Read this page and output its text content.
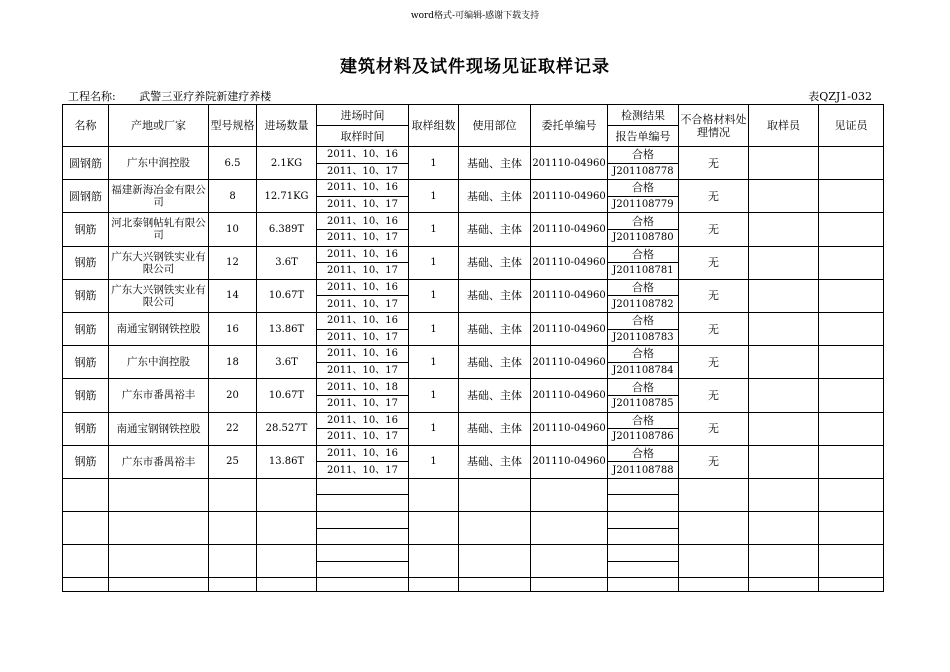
word格式-可编辑-感谢下载支持
建筑材料及试件现场见证取样记录
工程名称: 武警三亚疗养院新建疗养楼	表QZJ1-032
名称	产地或厂家	型号规格	进场数量	进场时间	取样组数	使用部位	委托单编号	检测结果	不合格材料处理情况	取样员	见证员
				取样时间				报告单编号			
圆钢筋	广东中润控股	6.5	2.1KG	2011、10、16	1	基础、主体	201110-04960	合格	无		
				2011、10、17				J201108778			
圆钢筋	福建新海冶金有限公司	8	12.71KG	2011、10、16	1	基础、主体	201110-04960	合格	无		
				2011、10、17				J201108779			
钢筋	河北泰钢帖轧有限公司	10	6.389T	2011、10、16	1	基础、主体	201110-04960	合格	无		
				2011、10、17				J201108780			
钢筋	广东大兴钢铁实业有限公司	12	3.6T	2011、10、16	1	基础、主体	201110-04960	合格	无		
				2011、10、17				J201108781			
钢筋	广东大兴钢铁实业有限公司	14	10.67T	2011、10、16	1	基础、主体	201110-04960	合格	无		
				2011、10、17				J201108782			
钢筋	南通宝钢钢铁控股	16	13.86T	2011、10、16	1	基础、主体	201110-04960	合格	无		
				2011、10、17				J201108783			
钢筋	广东中润控股	18	3.6T	2011、10、16	1	基础、主体	201110-04960	合格	无		
				2011、10、17				J201108784			
钢筋	广东市番禺裕丰	20	10.67T	2011、10、18	1	基础、主体	201110-04960	合格	无		
				2011、10、17				J201108785			
钢筋	南通宝钢钢铁控股	22	28.527T	2011、10、16	1	基础、主体	201110-04960	合格	无		
				2011、10、17				J201108786			
钢筋	广东市番禺裕丰	25	13.86T	2011、10、16	1	基础、主体	201110-04960	合格	无		
				2011、10、17				J201108788			
